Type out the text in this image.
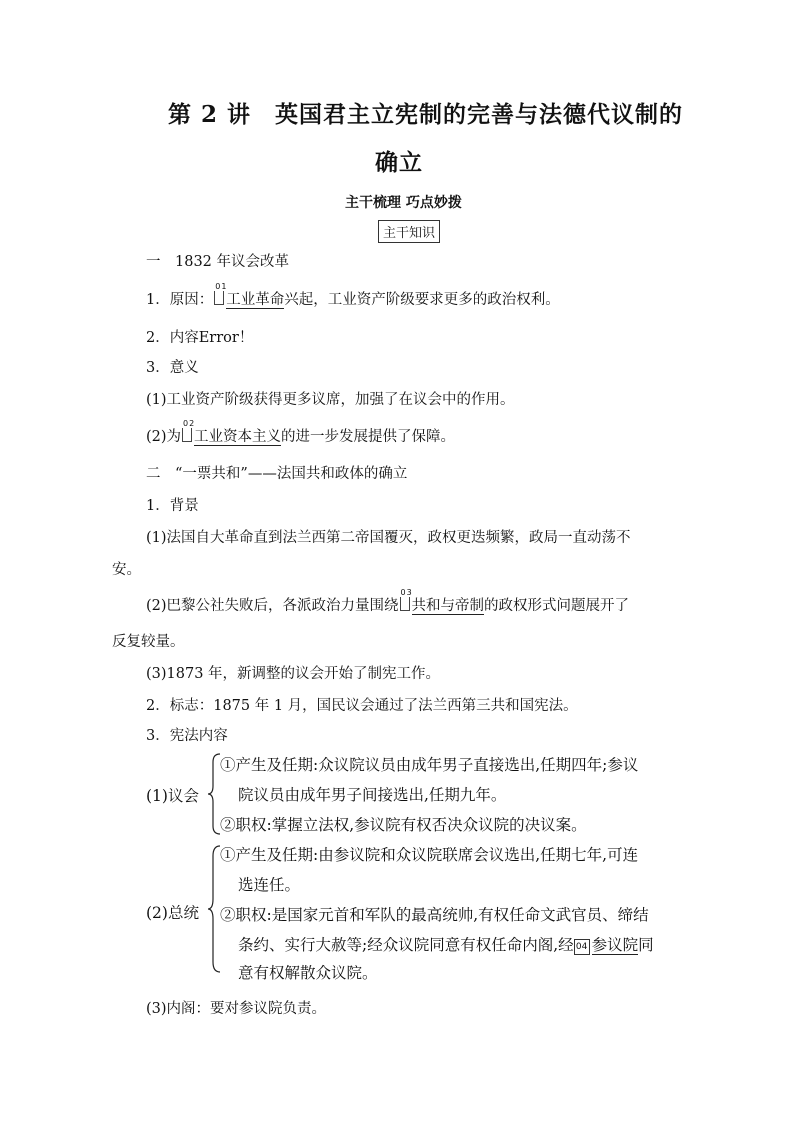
第 2 讲　英国君主立宪制的完善与法德代议制的
确立
主干梳理 巧点妙拨
主干知识
一　1832 年议会改革
1．原因： 01 工业革命兴起，工业资产阶级要求更多的政治权利。
2．内容Error！
3．意义
(1)工业资产阶级获得更多议席，加强了在议会中的作用。
(2)为 02 工业资本主义的进一步发展提供了保障。
二　“一票共和”——法国共和政体的确立
1．背景
(1)法国自大革命直到法兰西第二帝国覆灭，政权更迭频繁，政局一直动荡不
安。
(2)巴黎公社失败后，各派政治力量围绕 03 共和与帝制的政权形式问题展开了
反复较量。
(3)1873 年，新调整的议会开始了制宪工作。
2．标志：1875 年 1 月，国民议会通过了法兰西第三共和国宪法。
3．宪法内容
(1)议会
①产生及任期:众议院议员由成年男子直接选出,任期四年;参议
院议员由成年男子间接选出,任期九年。
②职权:掌握立法权,参议院有权否决众议院的决议案。
(2)总统
①产生及任期:由参议院和众议院联席会议选出,任期七年,可连
选连任。
②职权:是国家元首和军队的最高统帅,有权任命文武官员、缔结
条约、实行大赦等;经众议院同意有权任命内阁,经 04 参议院同
意有权解散众议院。
(3)内阁：要对参议院负责。
